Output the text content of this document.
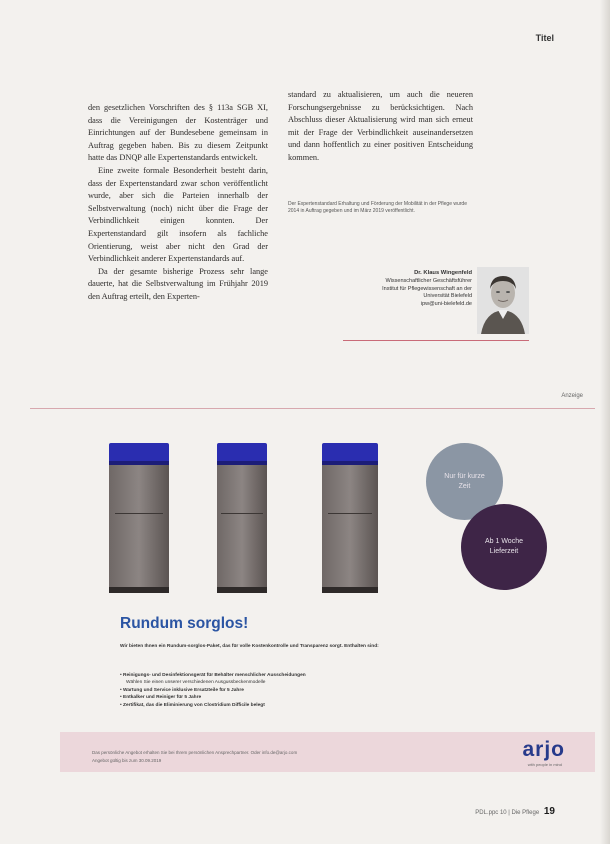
Titel

den gesetzlichen Vorschriften des § 113a SGB XI, dass die Vereinigungen der Kostenträger und Einrichtungen auf der Bundesebene gemeinsam in Auftrag gegeben haben. Bis zu diesem Zeitpunkt hatte das DNQP alle Expertenstandards entwickelt.

Eine zweite formale Besonderheit besteht darin, dass der Expertenstandard zwar schon veröffentlicht wurde, aber sich die Parteien innerhalb der Selbstverwaltung (noch) nicht über die Frage der Verbindlichkeit einigen konnten. Der Expertenstandard gilt insofern als fachliche Orientierung, weist aber nicht den Grad der Verbindlichkeit anderer Expertenstandards auf.

Da der gesamte bisherige Prozess sehr lange dauerte, hat die Selbstverwaltung im Frühjahr 2019 den Auftrag erteilt, den Experten-

standard zu aktualisieren, um auch die neueren Forschungsergebnisse zu berücksichtigen. Nach Abschluss dieser Aktualisierung wird man sich erneut mit der Frage der Verbindlichkeit auseinandersetzen und dann hoffentlich zu einer positiven Entscheidung kommen.

Der Expertenstandard Erhaltung und Förderung der Mobilität in der Pflege wurde 2014 in Auftrag gegeben und im März 2019 veröffentlicht.
Dr. Klaus Wingenfeld
Wissenschaftlicher Geschäftsführer
Institut für Pflegewissenschaft an der
Universität Bielefeld
ipw@uni-bielefeld.de
Anzeige
Nur für kurze Zeit
Ab 1 Woche Lieferzeit
Rundum sorglos!
Wir bieten Ihnen ein Rundum-sorglos-Paket, das für volle Kostenkontrolle und Transparenz sorgt. Enthalten sind:
• Reinigungs- und Desinfektionsgerät für Behälter menschlicher Ausscheidungen
Wählen Sie einen unserer verschiedenen Ausgussbeckenmodelle
• Wartung und Service inklusive Ersatzteile für 5 Jahre
• Entkalker und Reiniger für 5 Jahre
• Zertifikat, das die Eliminierung von Clostridium Difficile belegt
Das persönliche Angebot erhalten Sie bei Ihrem persönlichen Ansprechpartner. Oder info.de@arjo.com
Angebot gültig bis zum 30.09.2019	arjo
with people in mind
PDL.ppc 10 | Die Pflege 19
